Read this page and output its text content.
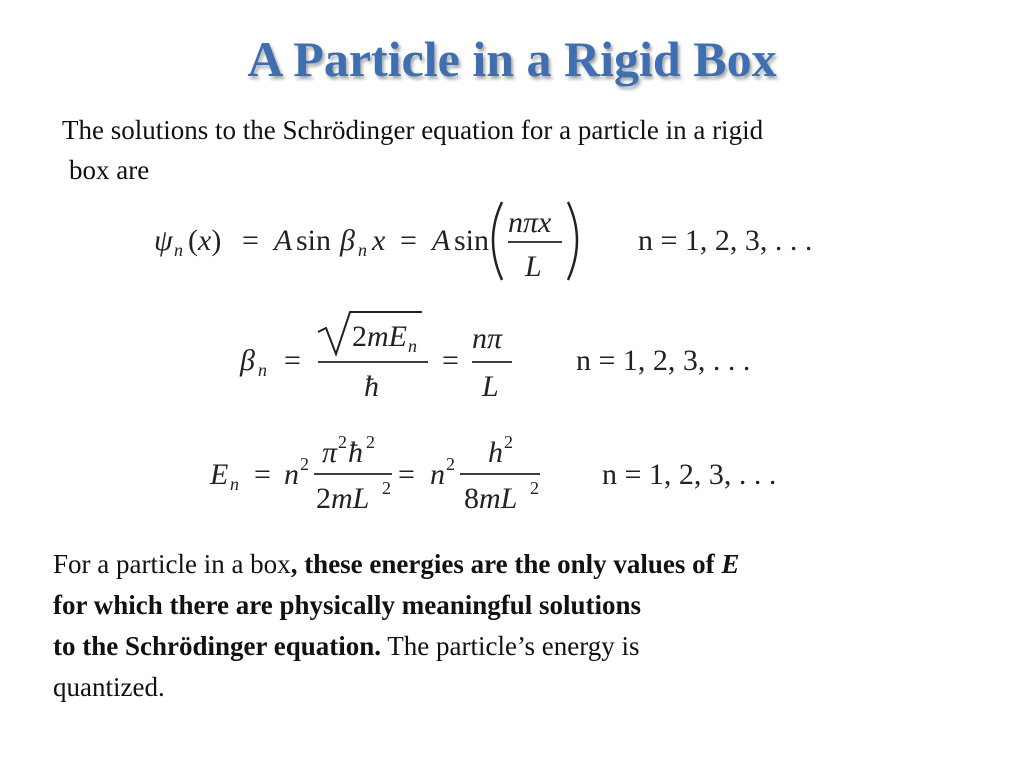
A Particle in a Rigid Box
The solutions to the Schrödinger equation for a particle in a rigid
box are
ψ n (x) = A sin β n x = A sin
nπx
L
n = 1, 2, 3, . . .
β n =
2mE n
ħ
=
nπ
L
n = 1, 2, 3, . . .
E n = n 2 π 2 ħ 2
2mL 2 = n 2 h 2
8mL 2 n = 1, 2, 3, . . .
For a particle in a box, these energies are the only values of E
for which there are physically meaningful solutions
to the Schrödinger equation. The particle’s energy is
quantized.
